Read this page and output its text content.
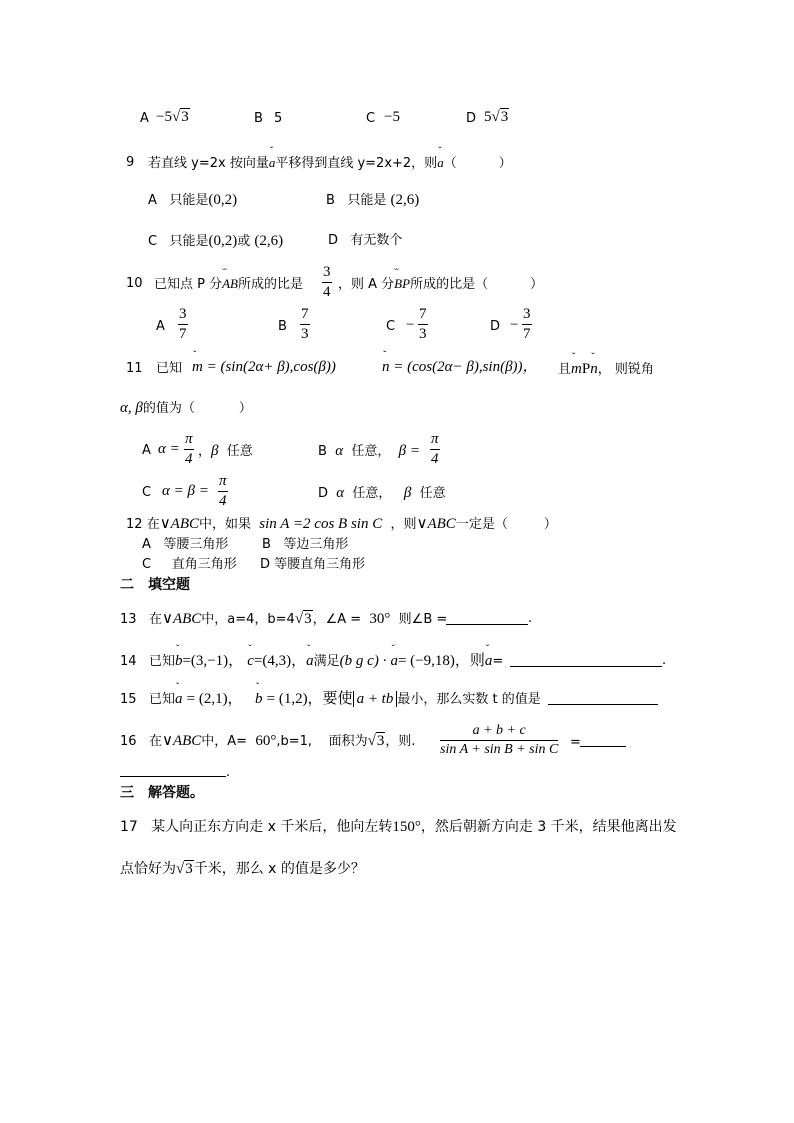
A −5√3	B 5	C −5	D 5√3
9 若直线 y=2x 按向量ˇ a平移得到直线 y=2x+2，则ˇ a（	）
A 只能是(0,2)	B 只能是 (2,6)
C 只能是(0,2)或 (2,6)	D 有无数个
10 已知点 P 分˘˘ AB所成的比是 $\frac{3}{4}$ ，则 A 分˘˘ BP所成的比是（	）
A $\frac{3}{7}$	B $\frac{7}{3}$	$C - \frac{7}{3}$	$D - \frac{3}{7}$
11 已知 ˇ m = (sin(2α+ β),cos(β))	ˇ n = (cos(2α− β),sin(β))， 且ˇ mPˇ n， 则锐角
α, β的值为（	）
A $\alpha = \frac{\pi}{4}$ ，β 任意	B α 任意， $\beta = \frac{\pi}{4}$
C $\alpha = \beta = \frac{\pi}{4}$	D α 任意， β 任意
12 在∨ABC中，如果 sin A =2 cos B sin C ，则∨ABC一定是（	）
A 等腰三角形	B 等边三角形
C 直角三角形 D 等腰直角三角形
二　填空题
13 在∨ABC中，a=4，b=4√3，∠A = 30° 则∠B =	.
14 已知ˇ b=(3,−1)， ˇ c=(4,3)，ˇ a满足(b g c) · ˇ a= (−9,18)，则ˇ a=	.
15 已知ˇ a = (2,1)， ˇ b = (1,2)，要使 a + tb 最小，那么实数 t 的值是
16 在∨ABC中，A= 60°,b=1, 面积为√3，则. $\frac{a + b + c}{\text{sin A + sin B + sin C}}$ =
.
三　解答题。
17 某人向正东方向走 x 千米后，他向左转150°，然后朝新方向走 3 千米，结果他离出发
点恰好为√3千米，那么 x 的值是多少？
